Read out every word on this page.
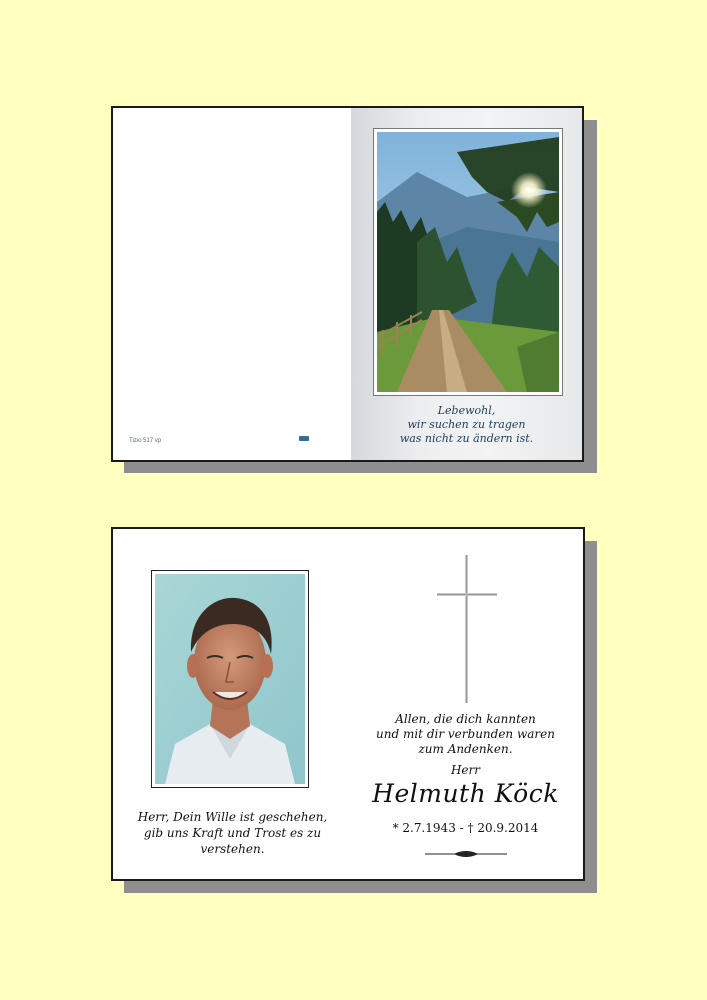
Tizio 517 vp
Lebewohl,
wir suchen zu tragen
was nicht zu ändern ist.
Herr, Dein Wille ist geschehen,
gib uns Kraft und Trost es zu
verstehen.
Allen, die dich kannten
und mit dir verbunden waren
zum Andenken.
Herr
Helmuth Köck
* 2.7.1943 - † 20.9.2014
